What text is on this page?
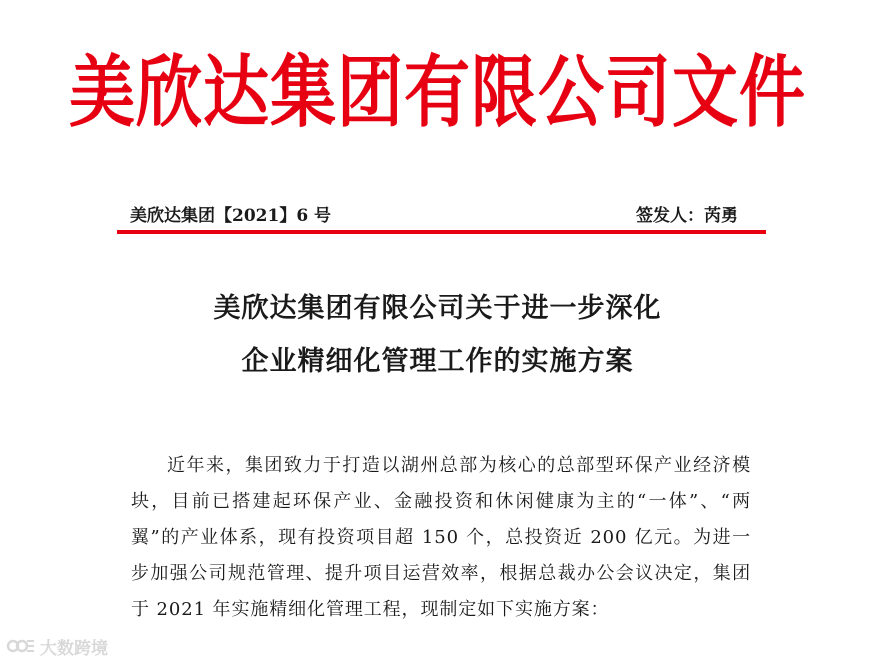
美欣达集团有限公司文件
美欣达集团【2021】6 号	签发人：芮勇
美欣达集团有限公司关于进一步深化
企业精细化管理工作的实施方案

近年来，集团致力于打造以湖州总部为核心的总部型环保产业经济模块，目前已搭建起环保产业、金融投资和休闲健康为主的“一体”、“两翼”的产业体系，现有投资项目超 150 个，总投资近 200 亿元。为进一步加强公司规范管理、提升项目运营效率，根据总裁办公会议决定，集团于 2021 年实施精细化管理工程，现制定如下实施方案：

大数跨境
